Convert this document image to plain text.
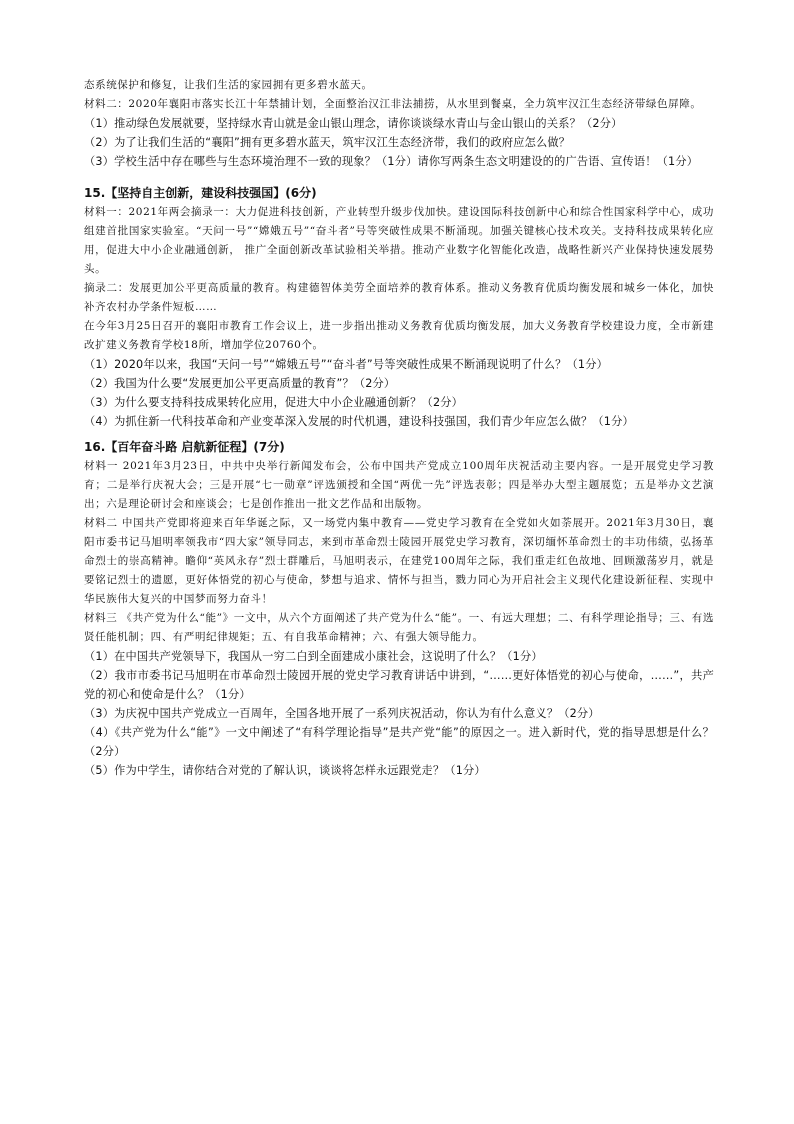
态系统保护和修复，让我们生活的家园拥有更多碧水蓝天。

材料二：2020年襄阳市落实长江十年禁捕计划，全面整治汉江非法捕捞，从水里到餐桌，全力筑牢汉江生态经济带绿色屏障。

（1）推动绿色发展就要，坚持绿水青山就是金山银山理念，请你谈谈绿水青山与金山银山的关系？（2分）

（2）为了让我们生活的“襄阳”拥有更多碧水蓝天，筑牢汉江生态经济带，我们的政府应怎么做？

（3）学校生活中存在哪些与生态环境治理不一致的现象？（1分）请你写两条生态文明建设的的广告语、宣传语！（1分）

15.【坚持自主创新，建设科技强国】(6分)

材料一：2021年两会摘录一：大力促进科技创新，产业转型升级步伐加快。建设国际科技创新中心和综合性国家科学中心，成功组建首批国家实验室。“天问一号”“嫦娥五号”“奋斗者”号等突破性成果不断涌现。加强关键核心技术攻关。支持科技成果转化应用，促进大中小企业融通创新， 推广全面创新改革试验相关举措。推动产业数字化智能化改造，战略性新兴产业保持快速发展势头。

摘录二：发展更加公平更高质量的教育。构建德智体美劳全面培养的教育体系。推动义务教育优质均衡发展和城乡一体化，加快补齐农村办学条件短板……

在今年3月25日召开的襄阳市教育工作会议上，进一步指出推动义务教育优质均衡发展，加大义务教育学校建设力度，全市新建改扩建义务教育学校18所，增加学位20760个。

（1）2020年以来，我国“天问一号”“嫦娥五号”“奋斗者”号等突破性成果不断涌现说明了什么？（1分）

（2）我国为什么要“发展更加公平更高质量的教育”？（2分）

（3）为什么要支持科技成果转化应用，促进大中小企业融通创新？（2分）

（4）为抓住新一代科技革命和产业变革深入发展的时代机遇，建设科技强国，我们青少年应怎么做？（1分）

16.【百年奋斗路 启航新征程】(7分)

材料一 2021年3月23日，中共中央举行新闻发布会，公布中国共产党成立100周年庆祝活动主要内容。一是开展党史学习教育；二是举行庆祝大会；三是开展“七一勋章”评选颁授和全国“两优一先”评选表彰；四是举办大型主题展览；五是举办文艺演出；六是理论研讨会和座谈会；七是创作推出一批文艺作品和出版物。

材料二 中国共产党即将迎来百年华诞之际，又一场党内集中教育——党史学习教育在全党如火如荼展开。2021年3月30日，襄阳市委书记马旭明率领我市“四大家”领导同志，来到市革命烈士陵园开展党史学习教育，深切缅怀革命烈士的丰功伟绩，弘扬革命烈士的崇高精神。瞻仰“英风永存”烈士群雕后，马旭明表示，在建党100周年之际，我们重走红色故地、回顾激荡岁月，就是要铭记烈士的遗愿，更好体悟党的初心与使命，梦想与追求、情怀与担当，戮力同心为开启社会主义现代化建设新征程、实现中华民族伟大复兴的中国梦而努力奋斗！

材料三 《共产党为什么“能”》一文中，从六个方面阐述了共产党为什么“能”。一、有远大理想；二、有科学理论指导；三、有选贤任能机制；四、有严明纪律规矩；五、有自我革命精神；六、有强大领导能力。

（1）在中国共产党领导下，我国从一穷二白到全面建成小康社会，这说明了什么？（1分）

（2）我市市委书记马旭明在市革命烈士陵园开展的党史学习教育讲话中讲到，“……更好体悟党的初心与使命，……”，共产党的初心和使命是什么？（1分）

（3）为庆祝中国共产党成立一百周年，全国各地开展了一系列庆祝活动，你认为有什么意义？（2分）

（4）《共产党为什么“能”》一文中阐述了“有科学理论指导”是共产党“能”的原因之一。进入新时代，党的指导思想是什么？（2分）

（5）作为中学生，请你结合对党的了解认识，谈谈将怎样永远跟党走？（1分）
